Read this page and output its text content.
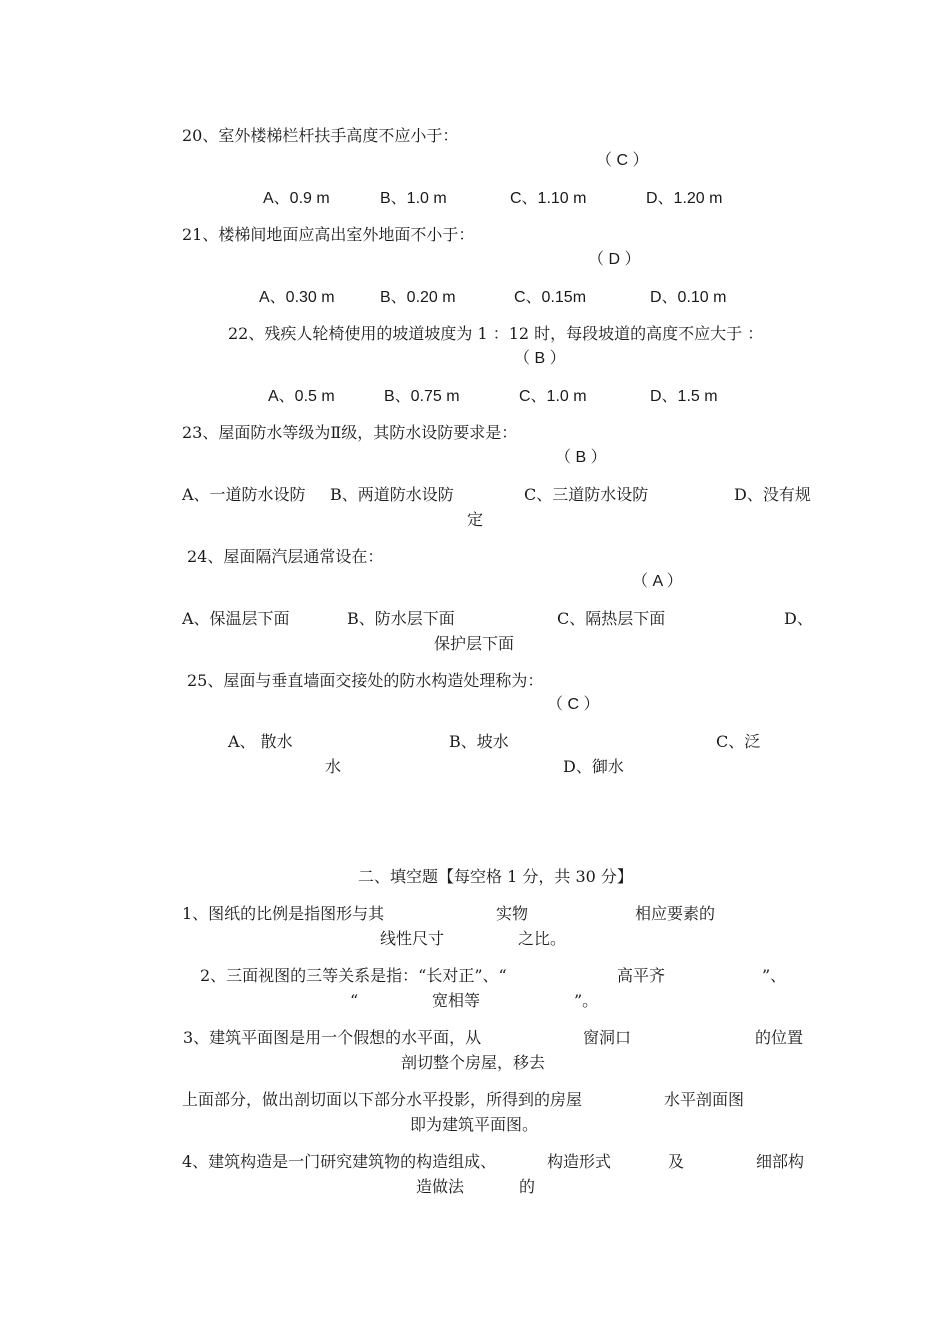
20、室外楼梯栏杆扶手高度不应小于：
（ C ）
A、0.9 m	B、1.0 m	C、1.10 m	D、1.20 m
21、楼梯间地面应高出室外地面不小于：
（ D ）
A、0.30 m	B、0.20 m	C、0.15m	D、0.10 m
22、残疾人轮椅使用的坡道坡度为 1 ：12 时，每段坡道的高度不应大于 ：
（ B ）
A、0.5 m	B、0.75 m	C、1.0 m	D、1.5 m
23、屋面防水等级为Ⅱ级，其防水设防要求是：
（ B ）
A、一道防水设防 B、两道防水设防	C、三道防水设防	D、没有规
定
24、屋面隔汽层通常设在：
（ A ）
A、保温层下面	B、防水层下面	C、隔热层下面	D、
保护层下面
25、屋面与垂直墙面交接处的防水构造处理称为：
（ C ）
A、 散水	B、坡水	C、泛
水	D、御水
二、填空题【每空格 1 分，共 30 分】
1、图纸的比例是指图形与其	实物	相应要素的
线性尺寸	之比。
2、三面视图的三等关系是指：“长对正”、“	高平齐	”、
“	宽相等	”。
3、建筑平面图是用一个假想的水平面，从	窗洞口	的位置
剖切整个房屋，移去
上面部分，做出剖切面以下部分水平投影，所得到的房屋	水平剖面图
即为建筑平面图。
4、建筑构造是一门研究建筑物的构造组成、	构造形式	及	细部构
造做法	的
